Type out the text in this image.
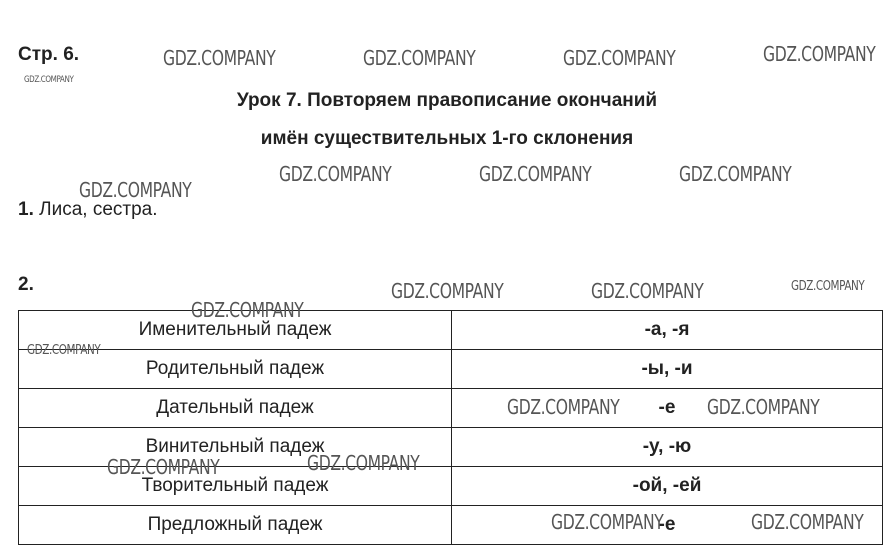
Стр. 6.
Урок 7. Повторяем правописание окончаний
имён существительных 1-го склонения
1. Лиса, сестра.
2.
Именительный падеж	-а, -я
Родительный падеж	-ы, -и
Дательный падеж	-е
Винительный падеж	-у, -ю
Творительный падеж	-ой, -ей
Предложный падеж	-е
GDZ.COMPANY	GDZ.COMPANY	GDZ.COMPANY	GDZ.COMPANY
GDZ.COMPANY
GDZ.COMPANY	GDZ.COMPANY	GDZ.COMPANY
GDZ.COMPANY
GDZ.COMPANY	GDZ.COMPANY	GDZ.COMPANY
GDZ.COMPANY
GDZ.COMPANY
GDZ.COMPANY	GDZ.COMPANY
GDZ.COMPANY
GDZ.COMPANY
GDZ.COMPANY	GDZ.COMPANY
